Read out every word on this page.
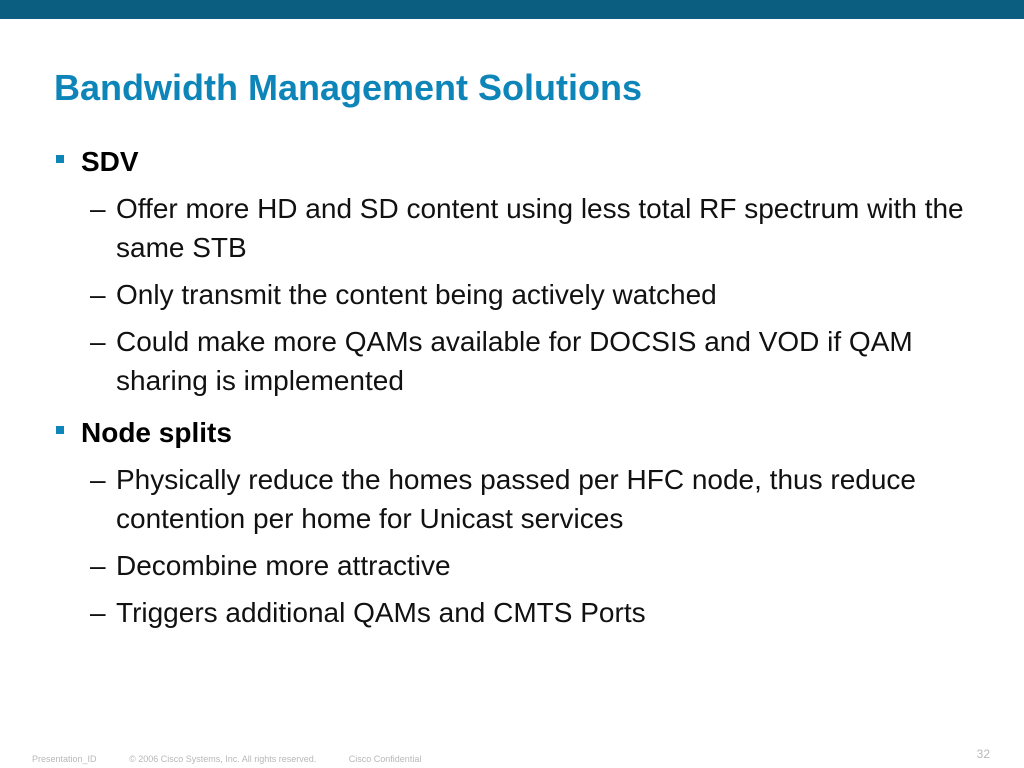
Bandwidth Management Solutions
SDV
– Offer more HD and SD content using less total RF spectrum with the same STB
– Only transmit the content being actively watched
– Could make more QAMs available for DOCSIS and VOD if QAM sharing is implemented
Node splits
– Physically reduce the homes passed per HFC node, thus reduce contention per home for Unicast services
– Decombine more attractive
– Triggers additional QAMs and CMTS Ports
Presentation_ID	© 2006 Cisco Systems, Inc. All rights reserved.	Cisco Confidential	32
